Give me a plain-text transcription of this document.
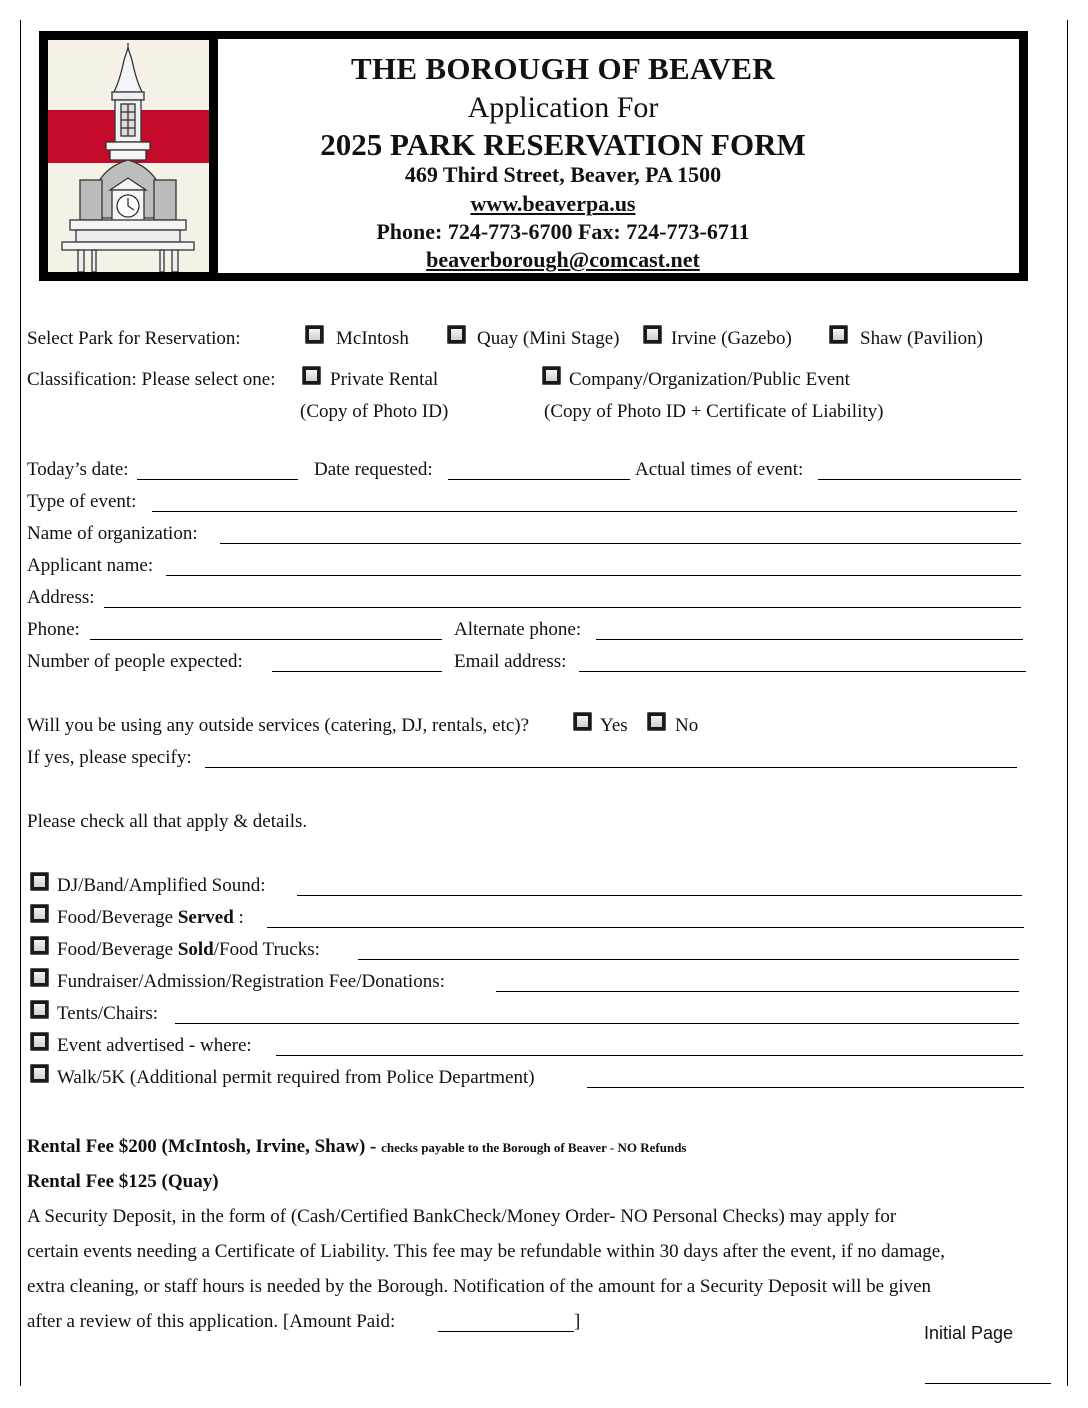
THE BOROUGH OF BEAVER
Application For
2025 PARK RESERVATION FORM
469 Third Street, Beaver, PA 1500
www.beaverpa.us
Phone: 724-773-6700 Fax: 724-773-6711
beaverborough@comcast.net
Select Park for Reservation:	McIntosh	Quay (Mini Stage)	Irvine (Gazebo)	Shaw (Pavilion)
Classification: Please select one:	Private Rental
(Copy of Photo ID)
Company/Organization/Public Event
(Copy of Photo ID + Certificate of Liability)
Today’s date:	Date requested:	Actual times of event:
Type of event:
Name of organization:
Applicant name:
Address:
Phone:	Alternate phone:
Number of people expected:	Email address:
Will you be using any outside services (catering, DJ, rentals, etc)?	Yes No
If yes, please specify:
Please check all that apply & details.
DJ/Band/Amplified Sound:
Food/Beverage Served :
Food/Beverage Sold/Food Trucks:
Fundraiser/Admission/Registration Fee/Donations:
Tents/Chairs:
Event advertised - where:
Walk/5K (Additional permit required from Police Department)
Rental Fee $200 (McIntosh, Irvine, Shaw) - checks payable to the Borough of Beaver - NO Refunds
Rental Fee $125 (Quay)
A Security Deposit, in the form of (Cash/Certified BankCheck/Money Order- NO Personal Checks) may apply for
certain events needing a Certificate of Liability. This fee may be refundable within 30 days after the event, if no damage,
extra cleaning, or staff hours is needed by the Borough. Notification of the amount for a Security Deposit will be given
after a review of this application. [Amount Paid:	]
Initial Page
